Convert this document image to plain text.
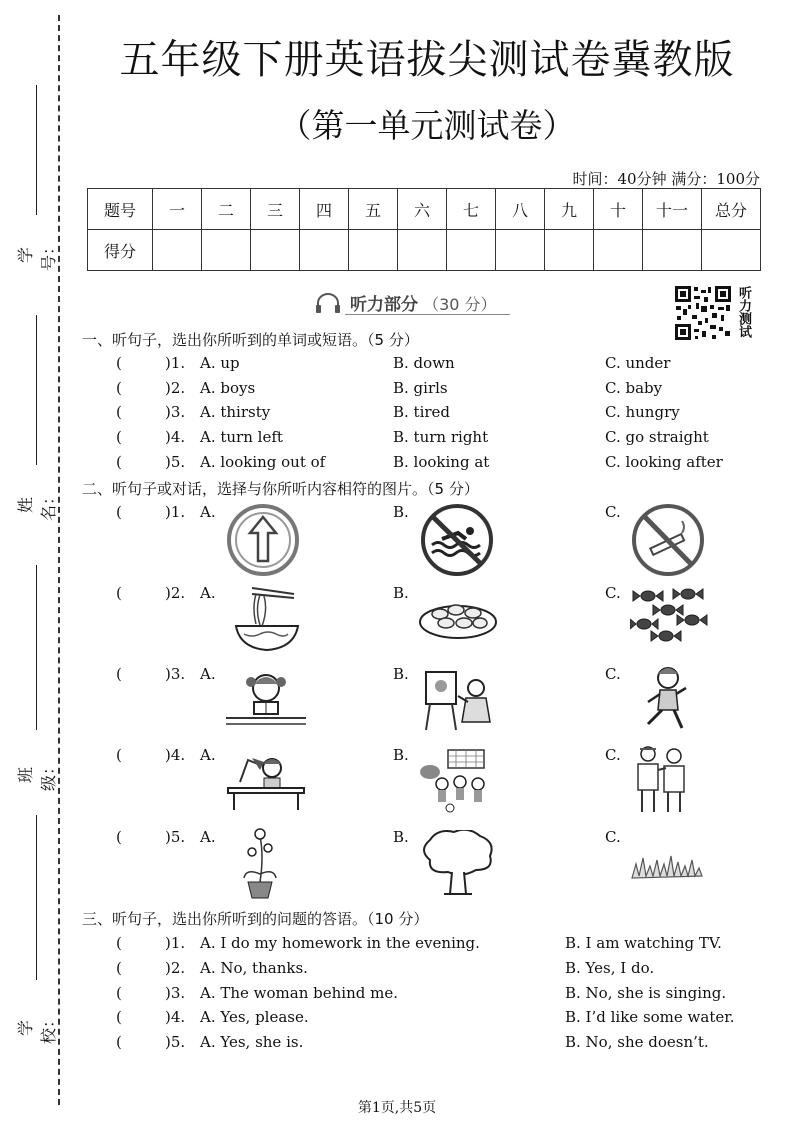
学号：
姓名：
班级：
学校：
五年级下册英语拔尖测试卷冀教版
（第一单元测试卷）
时间：40分钟 满分：100分
题号	一	二	三	四	五	六	七	八	九	十	十一	总分
得分												
听力部分 （30 分）	听力测试
一、听句子，选出你所听到的单词或短语。（5 分）
(	)1. A. up	B. down	C. under
(	)2. A. boys	B. girls	C. baby
(	)3. A. thirsty	B. tired	C. hungry
(	)4. A. turn left	B. turn right	C. go straight
(	)5. A. looking out of	B. looking at	C. looking after
二、听句子或对话，选择与你所听内容相符的图片。（5 分）
(	)1. A.	B.	C.
(	)2. A.	B.	C.
(	)3. A.	B.	C.
(	)4. A.	B.	C.
(	)5. A.	B.	C.
三、听句子，选出你所听到的问题的答语。（10 分）
(	)1. A. I do my homework in the evening.	B. I am watching TV.
(	)2. A. No, thanks.	B. Yes, I do.
(	)3. A. The woman behind me.	B. No, she is singing.
(	)4. A. Yes, please.	B. I’d like some water.
(	)5. A. Yes, she is.	B. No, she doesn’t.
第1页,共5页
